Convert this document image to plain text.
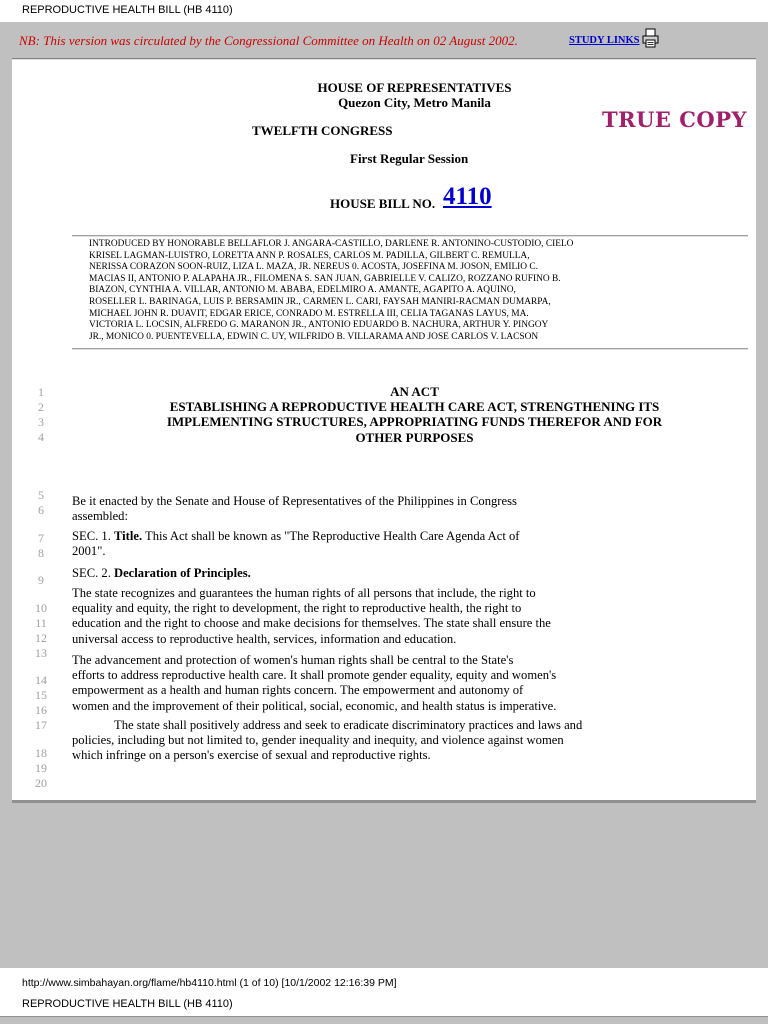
REPRODUCTIVE HEALTH BILL (HB 4110)
NB: This version was circulated by the Congressional Committee on Health on 02 August 2002.	STUDY LINKS
HOUSE OF REPRESENTATIVES
Quezon City, Metro Manila
TWELFTH CONGRESS	TRUE COPY
First Regular Session
HOUSE BILL NO. 4110
INTRODUCED BY HONORABLE BELLAFLOR J. ANGARA-CASTILLO, DARLENE R. ANTONINO-CUSTODIO, CIELO
KRISEL LAGMAN-LUISTRO, LORETTA ANN P. ROSALES, CARLOS M. PADILLA, GILBERT C. REMULLA,
NERISSA CORAZON SOON-RUIZ, LIZA L. MAZA, JR. NEREUS 0. ACOSTA, JOSEFINA M. JOSON, EMILIO C.
MACIAS II, ANTONIO P. ALAPAHA JR., FILOMENA S. SAN JUAN, GABRIELLE V. CALIZO, ROZZANO RUFINO B.
BIAZON, CYNTHIA A. VILLAR, ANTONIO M. ABABA, EDELMIRO A. AMANTE, AGAPITO A. AQUINO,
ROSELLER L. BARINAGA, LUIS P. BERSAMIN JR., CARMEN L. CARI, FAYSAH MANIRI-RACMAN DUMARPA,
MICHAEL JOHN R. DUAVIT, EDGAR ERICE, CONRADO M. ESTRELLA III, CELIA TAGANAS LAYUS, MA.
VICTORIA L. LOCSIN, ALFREDO G. MARANON JR., ANTONIO EDUARDO B. NACHURA, ARTHUR Y. PINGOY
JR., MONICO 0. PUENTEVELLA, EDWIN C. UY, WILFRIDO B. VILLARAMA AND JOSE CARLOS V. LACSON
1
2
3
4
5
6
7
8
9
10
11
12
13
14
15
16
17
18
19
20
AN ACT
ESTABLISHING A REPRODUCTIVE HEALTH CARE ACT, STRENGTHENING ITS
IMPLEMENTING STRUCTURES, APPROPRIATING FUNDS THEREFOR AND FOR
OTHER PURPOSES
Be it enacted by the Senate and House of Representatives of the Philippines in Congress
assembled:
SEC. 1. Title. This Act shall be known as "The Reproductive Health Care Agenda Act of
2001".
SEC. 2. Declaration of Principles.
The state recognizes and guarantees the human rights of all persons that include, the right to
equality and equity, the right to development, the right to reproductive health, the right to
education and the right to choose and make decisions for themselves. The state shall ensure the
universal access to reproductive health, services, information and education.
The advancement and protection of women's human rights shall be central to the State's
efforts to address reproductive health care. It shall promote gender equality, equity and women's
empowerment as a health and human rights concern. The empowerment and autonomy of
women and the improvement of their political, social, economic, and health status is imperative.
The state shall positively address and seek to eradicate discriminatory practices and laws and
policies, including but not limited to, gender inequality and inequity, and violence against women
which infringe on a person's exercise of sexual and reproductive rights.
http://www.simbahayan.org/flame/hb4110.html (1 of 10) [10/1/2002 12:16:39 PM]
REPRODUCTIVE HEALTH BILL (HB 4110)
